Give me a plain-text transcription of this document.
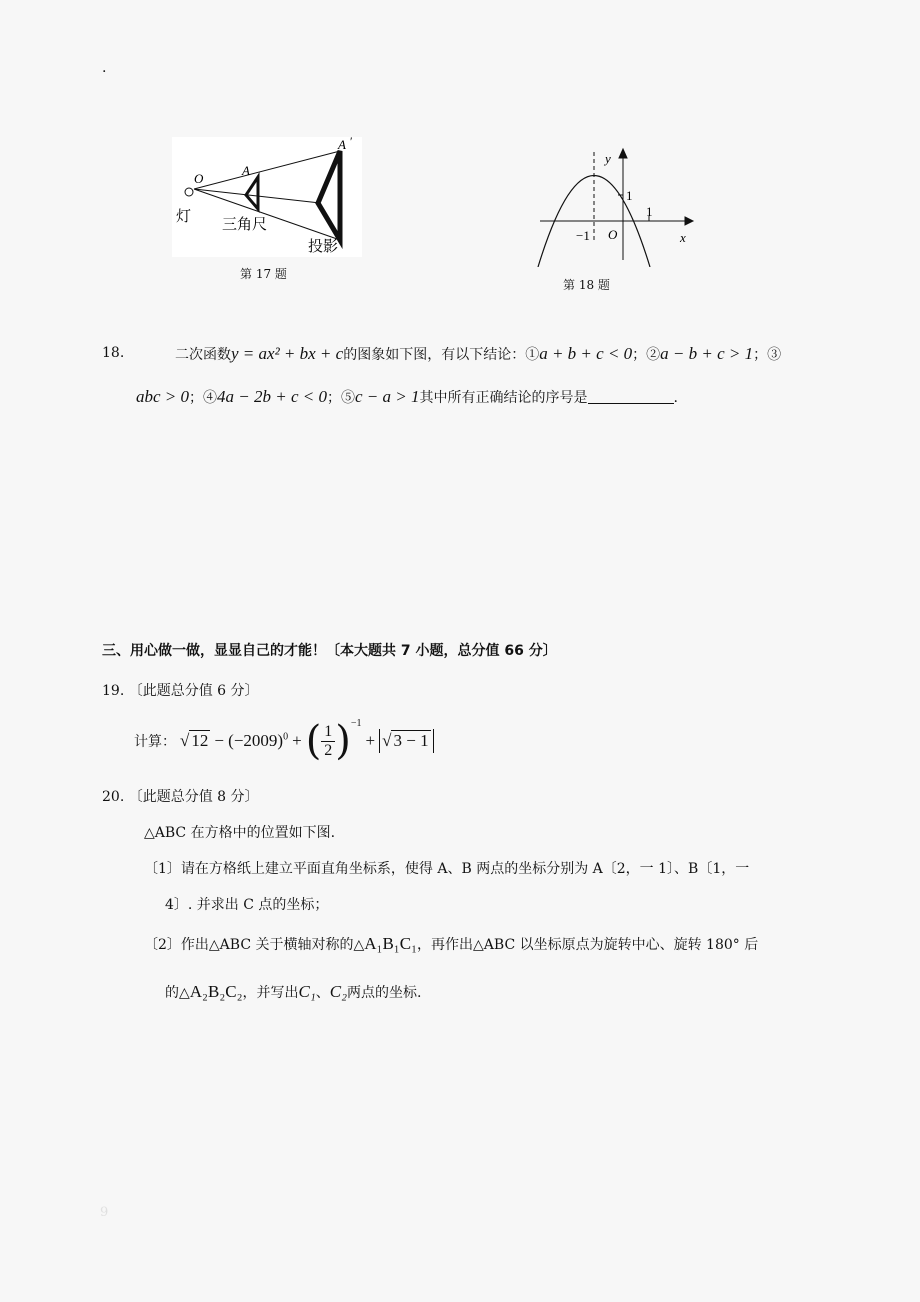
.
O
A
A ′
灯 三角尺
投影
第 17 题
y
x
O
−1
1
1
第 18 题
18.	二次函数y = ax² + bx + c的图象如下图，有以下结论：①a + b + c < 0；②a − b + c > 1；③
abc > 0；④4a − 2b + c < 0；⑤c − a > 1其中所有正确结论的序号是	.
三、用心做一做，显显自己的才能！〔本大题共 7 小题，总分值 66 分〕
19. 〔此题总分值 6 分〕
计算： √ $12 - (-2009)^0$ + ( $\frac{1}{2} )^{-1}$
+ √ 3 − 1
20. 〔此题总分值 8 分〕
△ABC 在方格中的位置如下图.
〔1〕请在方格纸上建立平面直角坐标系，使得 A、B 两点的坐标分别为 A〔2，一 1〕、B〔1，一
4〕. 并求出 C 点的坐标；
〔2〕作出△ABC 关于横轴对称的△A₁B₁C₁，再作出△ABC 以坐标原点为旋转中心、旋转 180° 后
的△A₂B₂C₂，并写出C₁、C₂两点的坐标.
9
